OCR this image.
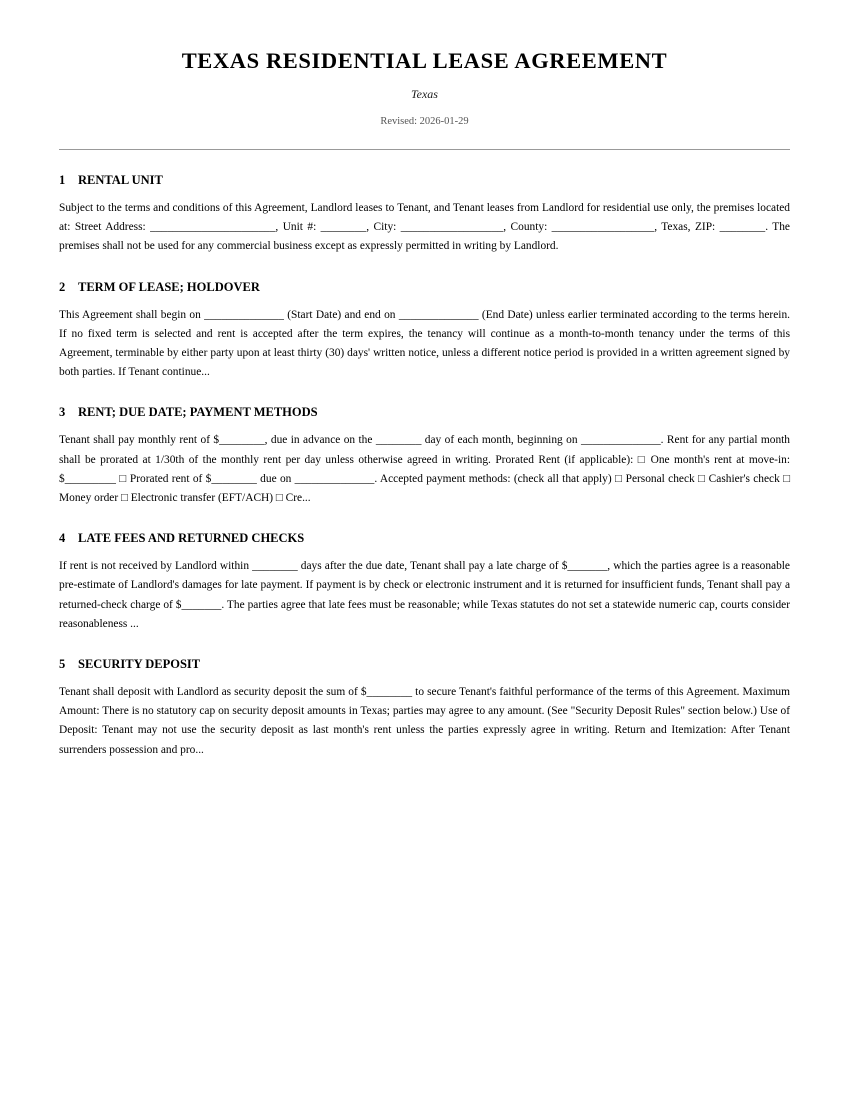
TEXAS RESIDENTIAL LEASE AGREEMENT
Texas
Revised: 2026-01-29
1 RENTAL UNIT

Subject to the terms and conditions of this Agreement, Landlord leases to Tenant, and Tenant leases from Landlord for residential use only, the premises located at: Street Address: ______________________, Unit #: ________, City: __________________, County: __________________, Texas, ZIP: ________. The premises shall not be used for any commercial business except as expressly permitted in writing by Landlord.

2 TERM OF LEASE; HOLDOVER

This Agreement shall begin on ______________ (Start Date) and end on ______________ (End Date) unless earlier terminated according to the terms herein. If no fixed term is selected and rent is accepted after the term expires, the tenancy will continue as a month-to-month tenancy under the terms of this Agreement, terminable by either party upon at least thirty (30) days' written notice, unless a different notice period is provided in a written agreement signed by both parties. If Tenant continue...

3 RENT; DUE DATE; PAYMENT METHODS

Tenant shall pay monthly rent of $________, due in advance on the ________ day of each month, beginning on ______________. Rent for any partial month shall be prorated at 1/30th of the monthly rent per day unless otherwise agreed in writing. Prorated Rent (if applicable): □ One month's rent at move-in: $_________ □ Prorated rent of $________ due on ______________. Accepted payment methods: (check all that apply) □ Personal check □ Cashier's check □ Money order □ Electronic transfer (EFT/ACH) □ Cre...

4 LATE FEES AND RETURNED CHECKS

If rent is not received by Landlord within ________ days after the due date, Tenant shall pay a late charge of $_______, which the parties agree is a reasonable pre-estimate of Landlord's damages for late payment. If payment is by check or electronic instrument and it is returned for insufficient funds, Tenant shall pay a returned-check charge of $_______. The parties agree that late fees must be reasonable; while Texas statutes do not set a statewide numeric cap, courts consider reasonableness ...

5 SECURITY DEPOSIT

Tenant shall deposit with Landlord as security deposit the sum of $________ to secure Tenant's faithful performance of the terms of this Agreement. Maximum Amount: There is no statutory cap on security deposit amounts in Texas; parties may agree to any amount. (See "Security Deposit Rules" section below.) Use of Deposit: Tenant may not use the security deposit as last month's rent unless the parties expressly agree in writing. Return and Itemization: After Tenant surrenders possession and pro...
